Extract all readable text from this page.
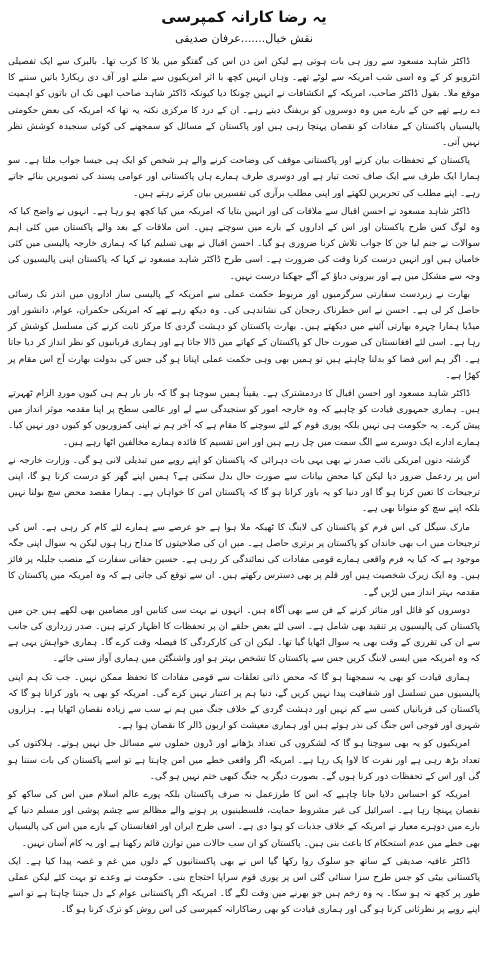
یہ رضا کارانہ کمپرسی
نقش خیال.......عرفان صدیقی

ڈاکٹر شاہد مسعود سے روز ہی بات ہوتی ہے لیکن اس دن اس کی گفتگو میں بلا کا کرب تھا۔ بالبرک سے ایک تفصیلی انٹرویو کر کے وہ اسی شب امریکہ سے لوٹے تھے۔ وہاں انہیں کچھ با اثر امریکیوں سے ملنے اور آف دی ریکارڈ باتیں سننے کا موقع ملا۔ بقول ڈاکٹر صاحب، امریکہ کے انکشافات نے انہیں چونکا دیا کیونکہ ڈاکٹر شاہد صاحب ابھی تک ان باتوں کو اہمیت دے رہے تھے جن کے بارے میں وہ دوسروں کو بریفنگ دیتے رہے۔ ان کے درد کا مرکزی نکتہ یہ تھا کہ امریکہ کی بعض حکومتی پالیسیاں پاکستان کے مفادات کو نقصان پہنچا رہی ہیں اور پاکستان کے مسائل کو سمجھنے کی کوئی سنجیدہ کوشش نظر نہیں آتی۔

پاکستان کے تحفظات بیان کرنے اور پاکستانی موقف کی وضاحت کرنے والے ہر شخص کو ایک ہی جیسا جواب ملتا ہے۔ سو ہمارا ایک طرف سے ایک صاف تحت تیار ہے اور دوسری طرف ہمارے ہاں پاکستانی اور عوامی پسند کی تصویریں بنائے جاتے رہے۔ اپنے مطلب کی تحریریں لکھتے اور اپنی مطلب برآری کی تفسیریں بیان کرتے رہتے ہیں۔

ڈاکٹر شاہد مسعود نے احسن اقبال سے ملاقات کی اور انہیں بتایا کہ امریکہ میں کیا کچھ ہو رہا ہے۔ انہوں نے واضح کیا کہ وہ لوگ کس طرح پاکستان اور اس کے اداروں کے بارے میں سوچتے ہیں۔ اس ملاقات کے بعد والے پاکستان میں کئی اہم سوالات نے جنم لیا جن کا جواب تلاش کرنا ضروری ہو گیا۔ احسن اقبال نے بھی تسلیم کیا کہ ہماری خارجہ پالیسی میں کئی خامیاں ہیں اور انہیں درست کرنا وقت کی ضرورت ہے۔ اسی طرح ڈاکٹر شاہد مسعود نے کہا کہ پاکستان اپنی پالیسیوں کی وجہ سے مشکل میں ہے اور بیرونی دباؤ کے آگے جھکنا درست نہیں۔

بھارت نے زبردست سفارتی سرگرمیوں اور مربوط حکمت عملی سے امریکہ کے پالیسی ساز اداروں میں اندر تک رسائی حاصل کر لی ہے۔ احسن نے اس خطرناک رجحان کی نشاندہی کی۔ وہ دیکھ رہے تھے کہ امریکی حکمران، عوام، دانشور اور میڈیا ہمارا چہرہ بھارتی آئینے میں دیکھتے ہیں۔ بھارت پاکستان کو دہشت گردی کا مرکز ثابت کرنے کی مسلسل کوشش کر رہا ہے۔ اسی لئے افغانستان کی صورت حال کو پاکستان کے کھاتے میں ڈالا جاتا ہے اور ہماری قربانیوں کو نظر انداز کر دیا جاتا ہے۔ اگر ہم اس فضا کو بدلنا چاہتے ہیں تو ہمیں بھی وہی حکمت عملی اپنانا ہو گی جس کی بدولت بھارت آج اس مقام پر کھڑا ہے۔

ڈاکٹر شاہد مسعود اور احسن اقبال کا دردمشترک ہے۔ یقیناً ہمیں سوچنا ہو گا کہ بار بار ہم ہی کیوں موردِ الزام ٹھہرتے ہیں۔ ہماری جمہوری قیادت کو چاہیے کہ وہ خارجہ امور کو سنجیدگی سے لے اور عالمی سطح پر اپنا مقدمہ موثر انداز میں پیش کرے۔ یہ حکومت ہی نہیں بلکہ پوری قوم کے لئے سوچنے کا مقام ہے کہ آخر ہم نے اپنی کمزوریوں کو کیوں دور نہیں کیا۔ ہمارے ادارے ایک دوسرے سے الگ سمت میں چل رہے ہیں اور اس تقسیم کا فائدہ ہمارے مخالفین اٹھا رہے ہیں۔

گزشتہ دنوں امریکی نائب صدر نے بھی یہی بات دہرائی کہ پاکستان کو اپنے رویے میں تبدیلی لانی ہو گی۔ وزارت خارجہ نے اس پر ردعمل ضرور دیا لیکن کیا محض بیانات سے صورت حال بدل سکتی ہے؟ ہمیں اپنے گھر کو درست کرنا ہو گا، اپنی ترجیحات کا تعین کرنا ہو گا اور دنیا کو یہ باور کرانا ہو گا کہ پاکستان امن کا خواہاں ہے۔ ہمارا مقصد محض سچ بولنا نہیں بلکہ اپنے سچ کو منوانا بھی ہے۔

مارک سیگل کی اس فرم کو پاکستان کی لابنگ کا ٹھیکہ ملا ہوا ہے جو عرصے سے ہمارے لئے کام کر رہی ہے۔ اس کی ترجیحات میں اب بھی خاندان کو پاکستان پر برتری حاصل ہے۔ میں ان کی صلاحیتوں کا مداح رہا ہوں لیکن یہ سوال اپنی جگہ موجود ہے کہ کیا یہ فرم واقعی ہمارے قومی مفادات کی نمائندگی کر رہی ہے۔ حسین حقانی سفارت کے منصب جلیلہ پر فائز ہیں۔ وہ ایک زیرک شخصیت ہیں اور قلم پر بھی دسترس رکھتے ہیں۔ ان سے توقع کی جاتی ہے کہ وہ امریکہ میں پاکستان کا مقدمہ بہتر انداز میں لڑیں گے۔

دوسروں کو قائل اور متاثر کرنے کے فن سے بھی آگاہ ہیں۔ انہوں نے بہت سی کتابیں اور مضامین بھی لکھے ہیں جن میں پاکستان کی پالیسیوں پر تنقید بھی شامل ہے۔ اسی لئے بعض حلقے ان پر تحفظات کا اظہار کرتے ہیں۔ صدر زرداری کی جانب سے ان کی تقرری کے وقت بھی یہ سوال اٹھایا گیا تھا۔ لیکن ان کی کارکردگی کا فیصلہ وقت کرے گا۔ ہماری خواہش یہی ہے کہ وہ امریکہ میں ایسی لابنگ کریں جس سے پاکستان کا تشخص بہتر ہو اور واشنگٹن میں ہماری آواز سنی جائے۔

ہماری قیادت کو بھی یہ سمجھنا ہو گا کہ محض ذاتی تعلقات سے قومی مفادات کا تحفظ ممکن نہیں۔ جب تک ہم اپنی پالیسیوں میں تسلسل اور شفافیت پیدا نہیں کریں گے، دنیا ہم پر اعتبار نہیں کرے گی۔ امریکہ کو بھی یہ باور کرانا ہو گا کہ پاکستان کی قربانیاں کسی سے کم نہیں اور دہشت گردی کے خلاف جنگ میں ہم نے سب سے زیادہ نقصان اٹھایا ہے۔ ہزاروں شہری اور فوجی اس جنگ کی نذر ہوئے ہیں اور ہماری معیشت کو اربوں ڈالر کا نقصان ہوا ہے۔

امریکیوں کو یہ بھی سوچنا ہو گا کہ لشکروں کی تعداد بڑھانے اور ڈرون حملوں سے مسائل حل نہیں ہوتے۔ ہلاکتوں کی تعداد بڑھ رہی ہے اور نفرت کا لاوا پک رہا ہے۔ امریکہ اگر واقعی خطے میں امن چاہتا ہے تو اسے پاکستان کی بات سننا ہو گی اور اس کے تحفظات دور کرنا ہوں گے۔ بصورت دیگر یہ جنگ کبھی ختم نہیں ہو گی۔

امریکہ کو احساس دلایا جانا چاہیے کہ اس کا طرزعمل نہ صرف پاکستان بلکہ پورے عالم اسلام میں اس کی ساکھ کو نقصان پہنچا رہا ہے۔ اسرائیل کی غیر مشروط حمایت، فلسطینیوں پر ہونے والے مظالم سے چشم پوشی اور مسلم دنیا کے بارے میں دوہرے معیار نے امریکہ کے خلاف جذبات کو ہوا دی ہے۔ اسی طرح ایران اور افغانستان کے بارے میں اس کی پالیسیاں بھی خطے میں عدم استحکام کا باعث بنی ہیں۔ پاکستان کو ان سب حالات میں توازن قائم رکھنا ہے اور یہ کام آسان نہیں۔

ڈاکٹر عافیہ صدیقی کے ساتھ جو سلوک روا رکھا گیا اس نے بھی پاکستانیوں کے دلوں میں غم و غصہ پیدا کیا ہے۔ ایک پاکستانی بیٹی کو جس طرح سزا سنائی گئی اس پر پوری قوم سراپا احتجاج بنی۔ حکومت نے وعدے تو بہت کئے لیکن عملی طور پر کچھ نہ ہو سکا۔ یہ وہ زخم ہیں جو بھرنے میں وقت لگے گا۔ امریکہ اگر پاکستانی عوام کے دل جیتنا چاہتا ہے تو اسے اپنے رویے پر نظرثانی کرنا ہو گی اور ہماری قیادت کو بھی رضاکارانہ کمپرسی کی اس روش کو ترک کرنا ہو گا۔
